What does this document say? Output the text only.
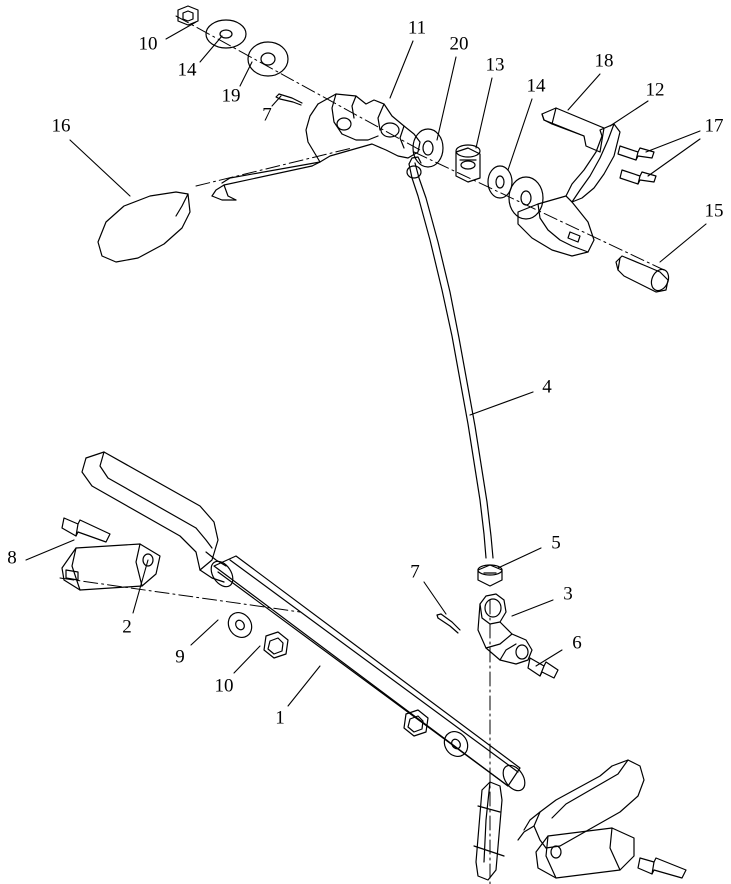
10
14
19
7
11
20
13
14
18
12
17
16
15
4
5
7
3
6
8
2
9
10
1
